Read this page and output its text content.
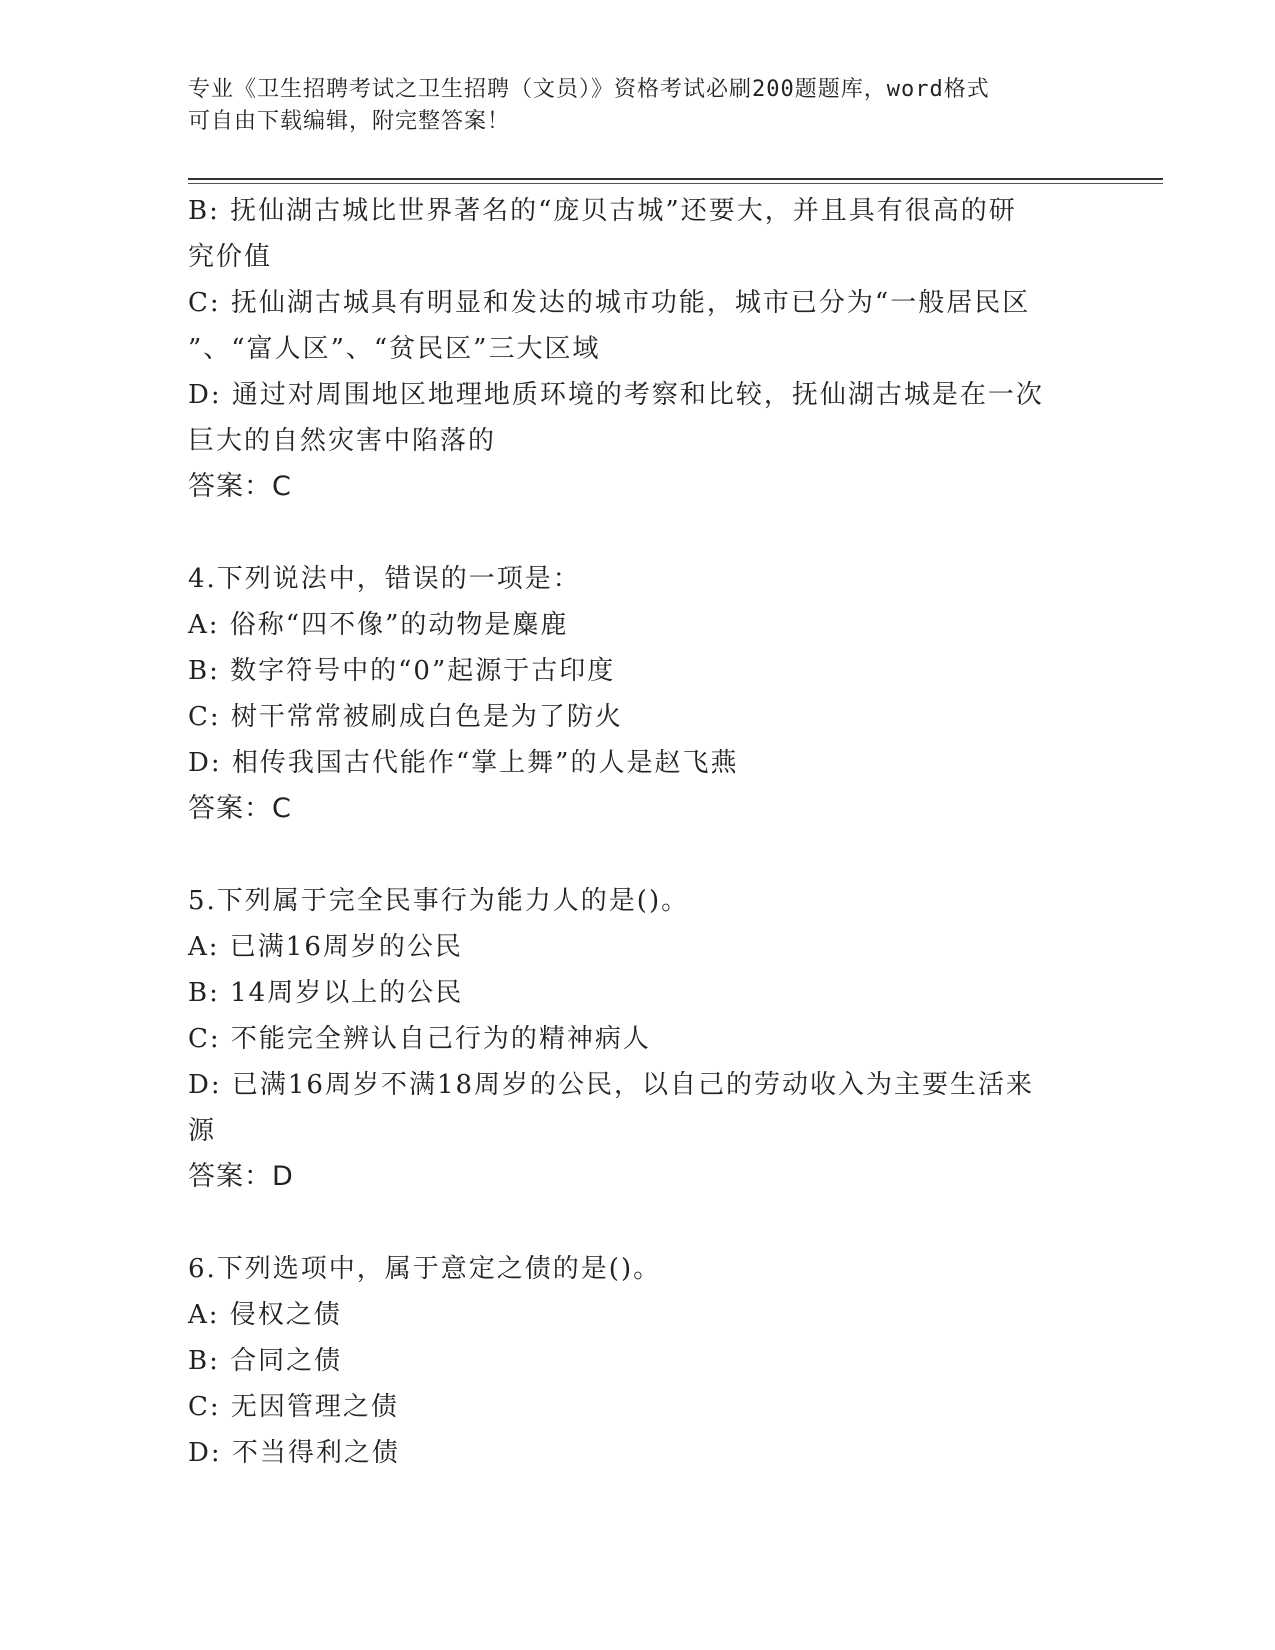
专业《卫生招聘考试之卫生招聘（文员）》资格考试必刷200题题库，word格式
可自由下载编辑，附完整答案！
B: 抚仙湖古城比世界著名的“庞贝古城”还要大，并且具有很高的研
究价值
C: 抚仙湖古城具有明显和发达的城市功能，城市已分为“一般居民区
”、“富人区”、“贫民区”三大区域
D: 通过对周围地区地理地质环境的考察和比较，抚仙湖古城是在一次
巨大的自然灾害中陷落的
答案：C
4.下列说法中，错误的一项是：
A: 俗称“四不像”的动物是麋鹿
B: 数字符号中的“0”起源于古印度
C: 树干常常被刷成白色是为了防火
D: 相传我国古代能作“掌上舞”的人是赵飞燕
答案：C
5.下列属于完全民事行为能力人的是()。
A: 已满16周岁的公民
B: 14周岁以上的公民
C: 不能完全辨认自己行为的精神病人
D: 已满16周岁不满18周岁的公民，以自己的劳动收入为主要生活来
源
答案：D
6.下列选项中，属于意定之债的是()。
A: 侵权之债
B: 合同之债
C: 无因管理之债
D: 不当得利之债
